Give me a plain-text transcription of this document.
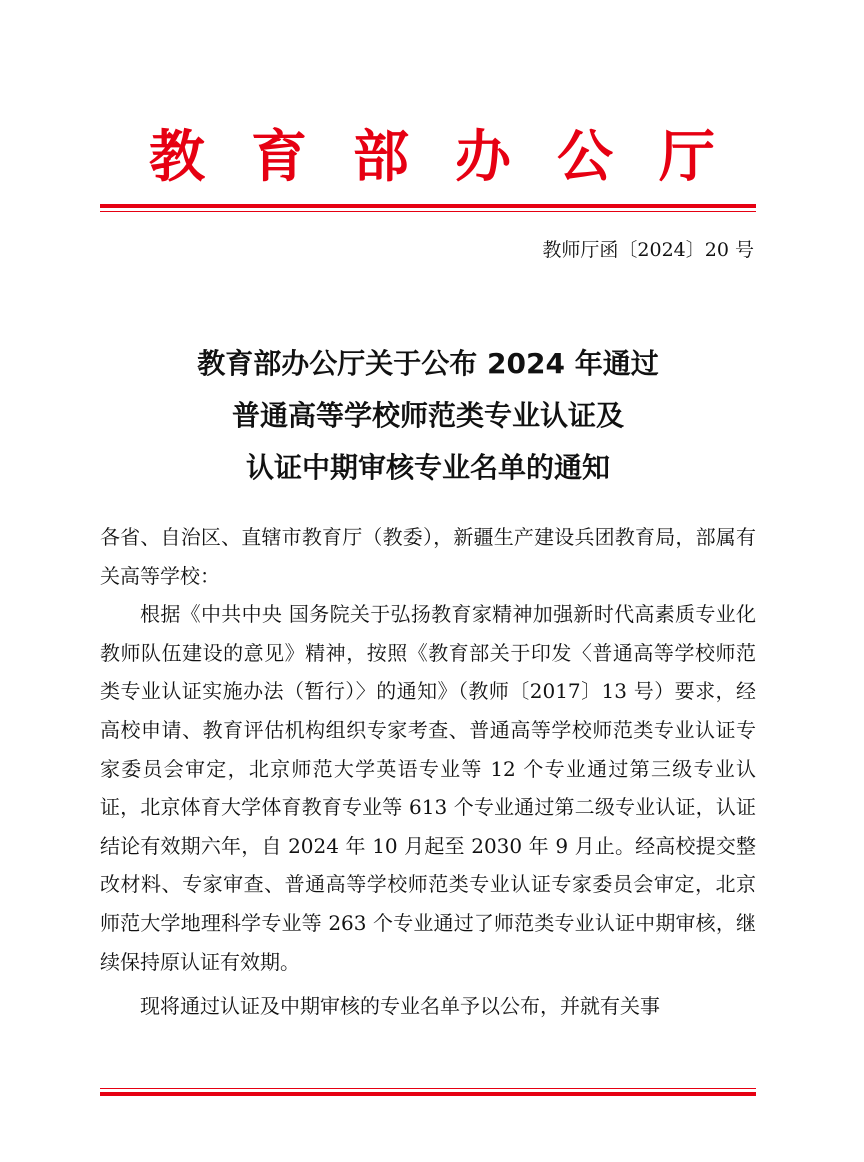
教育部办公厅
教师厅函〔2024〕20 号
教育部办公厅关于公布 2024 年通过
普通高等学校师范类专业认证及
认证中期审核专业名单的通知

各省、自治区、直辖市教育厅（教委），新疆生产建设兵团教育局，部属有关高等学校：

根据《中共中央 国务院关于弘扬教育家精神加强新时代高素质专业化教师队伍建设的意见》精神，按照《教育部关于印发〈普通高等学校师范类专业认证实施办法（暂行）〉的通知》（教师〔2017〕13 号）要求，经高校申请、教育评估机构组织专家考查、普通高等学校师范类专业认证专家委员会审定，北京师范大学英语专业等 12 个专业通过第三级专业认证，北京体育大学体育教育专业等 613 个专业通过第二级专业认证，认证结论有效期六年，自 2024 年 10 月起至 2030 年 9 月止。经高校提交整改材料、专家审查、普通高等学校师范类专业认证专家委员会审定，北京师范大学地理科学专业等 263 个专业通过了师范类专业认证中期审核，继续保持原认证有效期。

现将通过认证及中期审核的专业名单予以公布，并就有关事
